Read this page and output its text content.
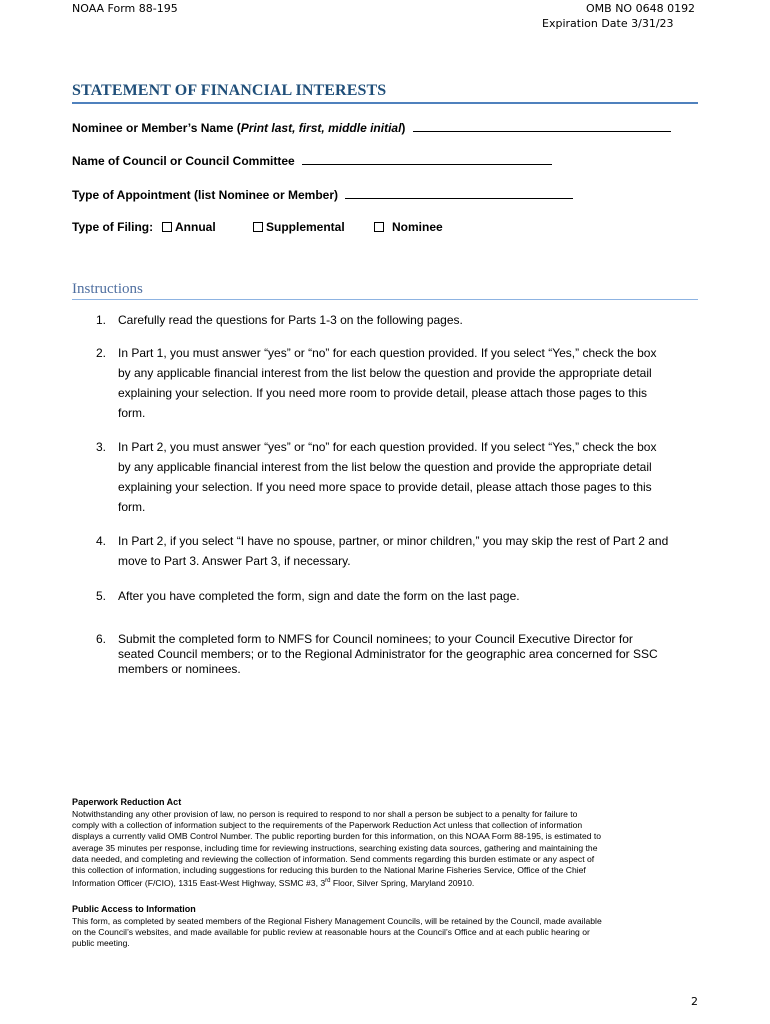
NOAA Form 88-195	OMB NO 0648 0192
Expiration Date 3/31/23
STATEMENT OF FINANCIAL INTERESTS
Nominee or Member’s Name (Print last, first, middle initial)
Name of Council or Council Committee
Type of Appointment (list Nominee or Member)
Type of Filing:	Annual	Supplemental	Nominee
Instructions
1. Carefully read the questions for Parts 1-3 on the following pages.
2. In Part 1, you must answer “yes” or “no” for each question provided. If you select “Yes,” check the box
by any applicable financial interest from the list below the question and provide the appropriate detail
explaining your selection. If you need more room to provide detail, please attach those pages to this
form.
3. In Part 2, you must answer “yes” or “no” for each question provided. If you select “Yes,” check the box
by any applicable financial interest from the list below the question and provide the appropriate detail
explaining your selection. If you need more space to provide detail, please attach those pages to this
form.
4. In Part 2, if you select “I have no spouse, partner, or minor children,” you may skip the rest of Part 2 and
move to Part 3. Answer Part 3, if necessary.
5. After you have completed the form, sign and date the form on the last page.
6. Submit the completed form to NMFS for Council nominees; to your Council Executive Director for
seated Council members; or to the Regional Administrator for the geographic area concerned for SSC
members or nominees.
Paperwork Reduction Act
Notwithstanding any other provision of law, no person is required to respond to nor shall a person be subject to a penalty for failure to
comply with a collection of information subject to the requirements of the Paperwork Reduction Act unless that collection of information
displays a currently valid OMB Control Number. The public reporting burden for this information, on this NOAA Form 88-195, is estimated to
average 35 minutes per response, including time for reviewing instructions, searching existing data sources, gathering and maintaining the
data needed, and completing and reviewing the collection of information. Send comments regarding this burden estimate or any aspect of
this collection of information, including suggestions for reducing this burden to the National Marine Fisheries Service, Office of the Chief
Information Officer (F/CIO), 1315 East-West Highway, SSMC #3, 3rd Floor, Silver Spring, Maryland 20910.
Public Access to Information
This form, as completed by seated members of the Regional Fishery Management Councils, will be retained by the Council, made available
on the Council’s websites, and made available for public review at reasonable hours at the Council’s Office and at each public hearing or
public meeting.
2
